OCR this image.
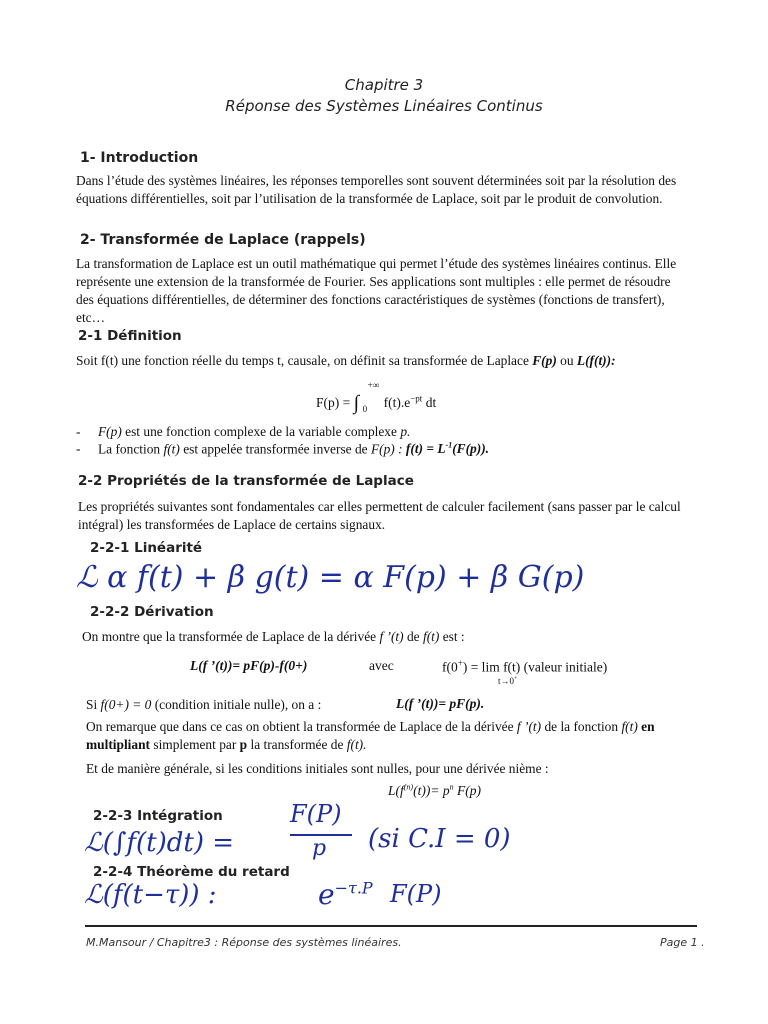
Chapitre 3
Réponse des Systèmes Linéaires Continus
1- Introduction
Dans l’étude des systèmes linéaires, les réponses temporelles sont souvent déterminées soit par la résolution des équations différentielles, soit par l’utilisation de la transformée de Laplace, soit par le produit de convolution.
2- Transformée de Laplace (rappels)
La transformation de Laplace est un outil mathématique qui permet l’étude des systèmes linéaires continus. Elle représente une extension de la transformée de Fourier. Ses applications sont multiples : elle permet de résoudre des équations différentielles, de déterminer des fonctions caractéristiques de systèmes (fonctions de transfert), etc…
2-1 Définition
Soit f(t) une fonction réelle du temps t, causale, on définit sa transformée de Laplace F(p) ou L(f(t)):
F(p) = ∫
+∞
0 $f(t).e^{-pt}$ dt
- F(p) est une fonction complexe de la variable complexe p.
- La fonction f(t) est appelée transformée inverse de F(p) : $f(t) = L^{-1}(F(p))$.
2-2 Propriétés de la transformée de Laplace
Les propriétés suivantes sont fondamentales car elles permettent de calculer facilement (sans passer par le calcul intégral) les transformées de Laplace de certains signaux.
2-2-1 Linéarité
ℒ α f(t) + β g(t) = α F(p) + β G(p)
2-2-2 Dérivation
On montre que la transformée de Laplace de la dérivée f ’(t) de f(t) est :
L(f ’(t))= pF(p)-f(0+)	avec	f(0+) = lim f(t) (valeur initiale)
t→0+
Si f(0+) = 0 (condition initiale nulle), on a :	L(f ’(t))= pF(p).
On remarque que dans ce cas on obtient la transformée de Laplace de la dérivée f ’(t) de la fonction f(t) en multipliant simplement par p la transformée de f(t).
Et de manière générale, si les conditions initiales sont nulles, pour une dérivée nième :
$L(f^{(n)}(t))= p^n$ F(p)
2-2-3 Intégration
ℒ(∫f(t)dt) =
F(P)
p (si C.I = 0)
2-2-4 Théorème du retard
ℒ(f(t−τ)) :	$e^{-\tau.P}$ F(P)
M.Mansour / Chapitre3 : Réponse des systèmes linéaires.	Page 1 .
